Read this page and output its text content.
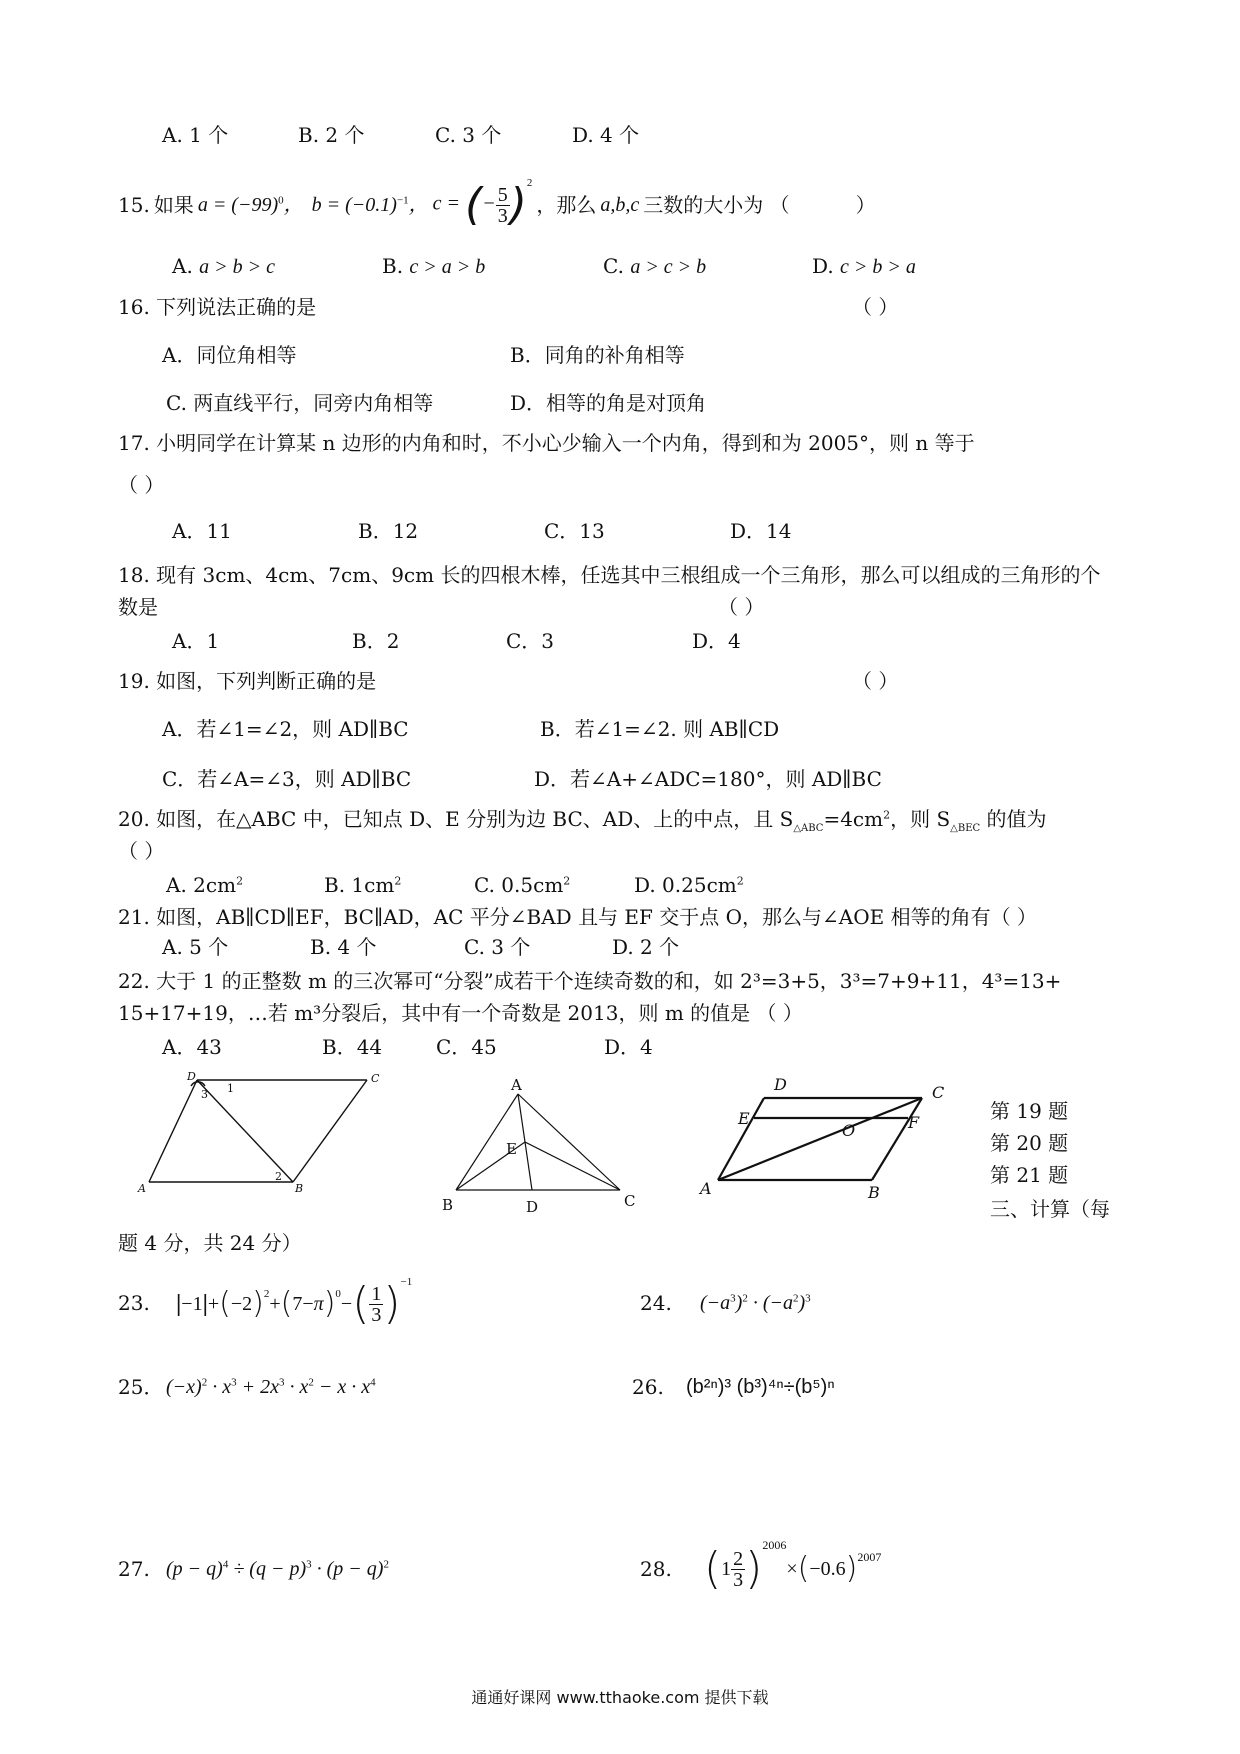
A. 1 个	B. 2 个	C. 3 个	D. 4 个
15. 如果 $a = (-99)^0$， $b = (-0.1)^{-1}$， c = (− $\frac{5}{3} )^2$
， 那么 a,b,c 三数的大小为 （	）
A. a > b > c	B. c > a > b	C. a > c > b	D. c > b > a
16. 下列说法正确的是	（ ）
A．同位角相等	B．同角的补角相等
C. 两直线平行，同旁内角相等	D．相等的角是对顶角
17. 小明同学在计算某 n 边形的内角和时，不小心少输入一个内角，得到和为 2005°，则 n 等于
（ ）
A．11	B．12	C．13	D．14
18. 现有 3cm、4cm、7cm、9cm 长的四根木棒，任选其中三根组成一个三角形，那么可以组成的三角形的个
数是	（ ）
A．1	B．2	C．3	D．4
19. 如图，下列判断正确的是	（ ）
A．若∠1=∠2，则 AD∥BC	B．若∠1=∠2. 则 AB∥CD
C．若∠A=∠3，则 AD∥BC	D．若∠A+∠ADC=180°，则 AD∥BC
20. 如图，在△ABC 中，已知点 D、E 分别为边 BC、AD、上的中点，且 $S_{\triangle ABC}=4cm^2$，则 $S_{\triangle BEC}$ 的值为
（ ）
A. $2cm^2$	B. $1cm^2$	C. $0.5cm^2$	D. $0.25cm^2$
21. 如图，AB∥CD∥EF，BC∥AD，AC 平分∠BAD 且与 EF 交于点 O，那么与∠AOE 相等的角有（ ）
A. 5 个	B. 4 个	C. 3 个	D. 2 个
22. 大于 1 的正整数 m 的三次幂可“分裂”成若干个连续奇数的和，如 2³=3+5，3³=7+9+11，4³=13+
15+17+19，…若 m³分裂后，其中有一个奇数是 2013，则 m 的值是 （ ）
A．43	B．44	C．45	D．4
D	C
A	B
1
2
3
A
E
B	D	C
D	C
E	F
O
A	B
第 19 题
第 20 题
第 21 题
三、计算（每
题 4 分，共 24 分）
23. | −1 | + ( −2 )$^2$ + ( 7− π )$^0$ − ( $\frac{1}{3} )^{-1}$
24. $(-a^3)^2 \cdot (-a^2)^3$
25． $(-x)^2 \cdot x^3 + 2x^3 \cdot x^2 - x \cdot x^4$	26. (b²ⁿ)³ (b³)⁴ⁿ÷(b⁵)ⁿ
27. $(p - q)^4 \div (q - p)^3 \cdot (p - q)^2$	28. ( $1 \frac{2}{3} )^{2006}$
× ( −0.6 )$^{2007}$
通通好课网 www.tthaoke.com 提供下载
